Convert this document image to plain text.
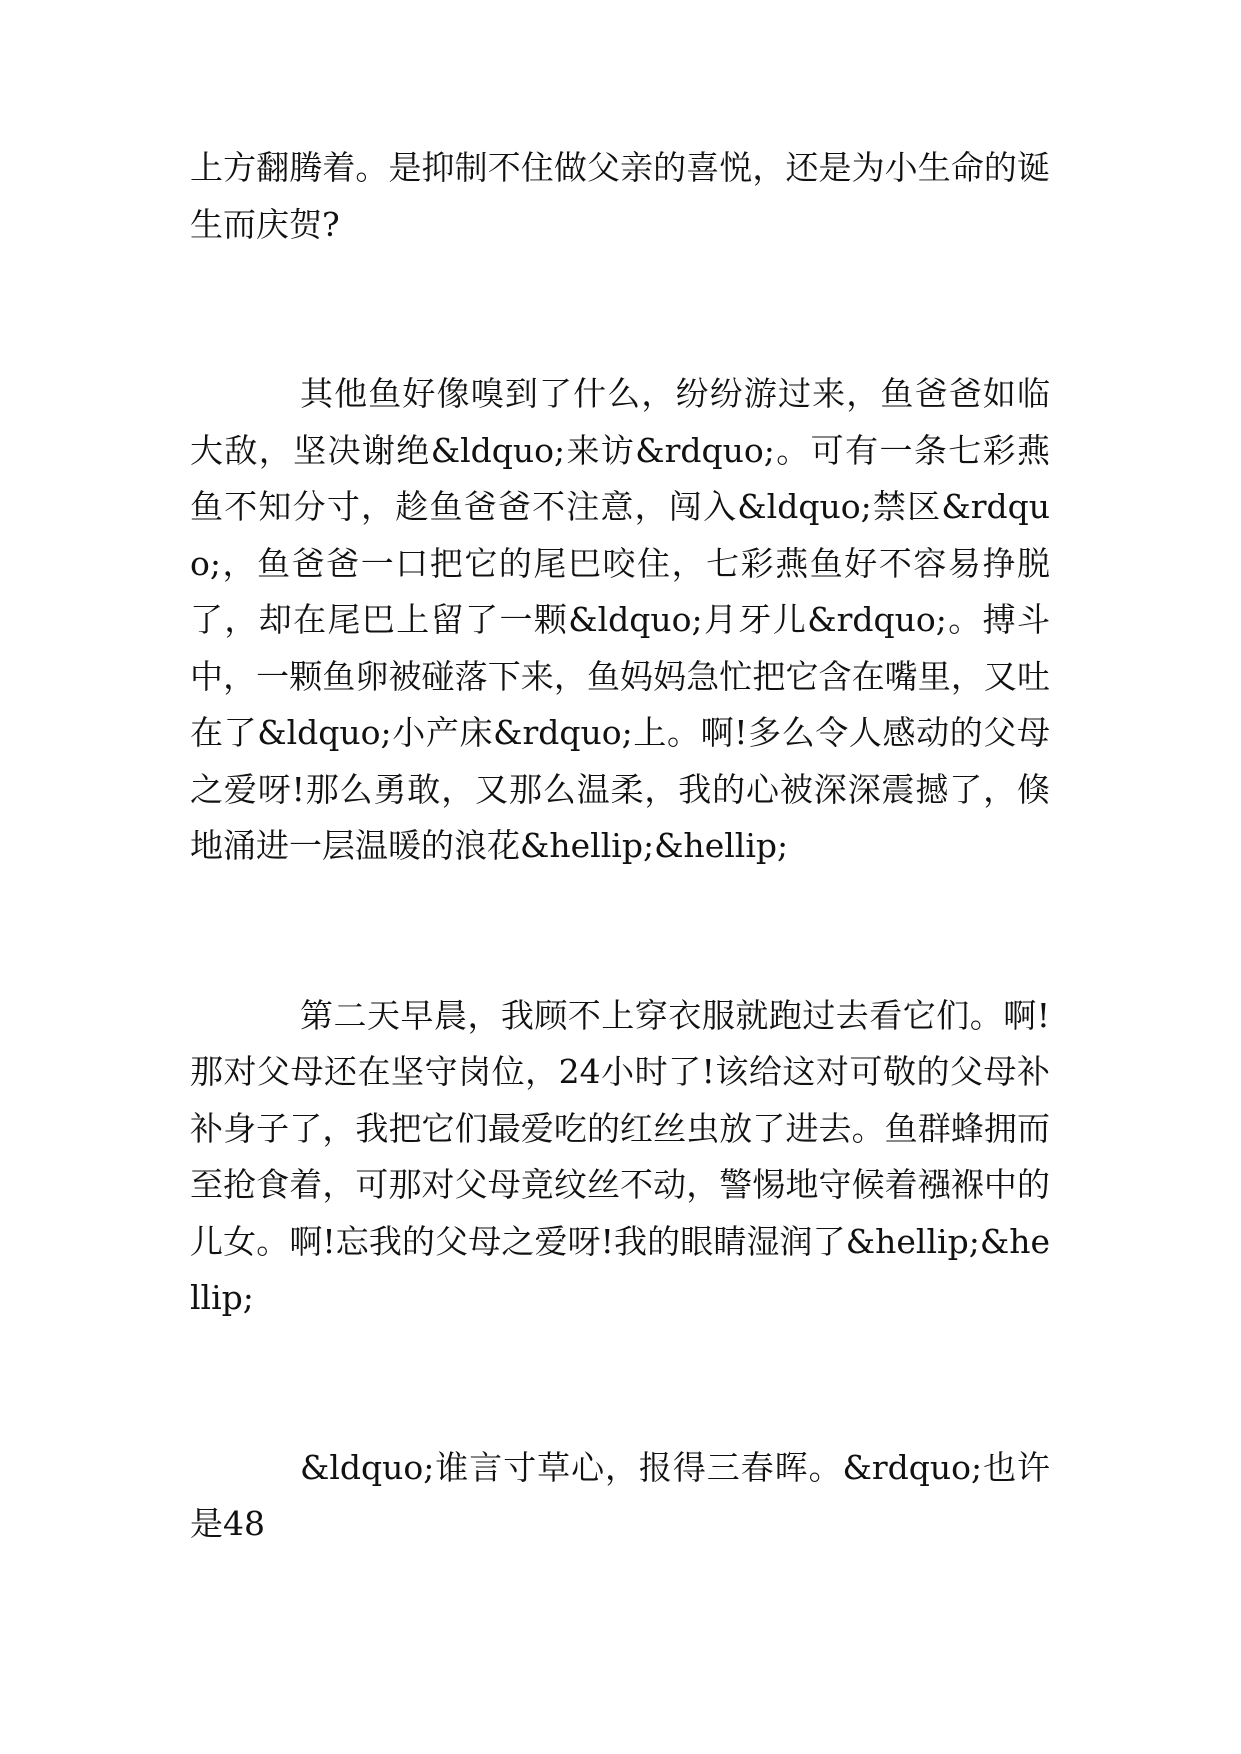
上方翻腾着。是抑制不住做父亲的喜悦，还是为小生命的诞生而庆贺?

其他鱼好像嗅到了什么，纷纷游过来，鱼爸爸如临大敌，坚决谢绝&ldquo;来访&rdquo;。可有一条七彩燕鱼不知分寸，趁鱼爸爸不注意，闯入&ldquo;禁区&rdquo;，鱼爸爸一口把它的尾巴咬住，七彩燕鱼好不容易挣脱了，却在尾巴上留了一颗&ldquo;月牙儿&rdquo;。搏斗中，一颗鱼卵被碰落下来，鱼妈妈急忙把它含在嘴里，又吐在了&ldquo;小产床&rdquo;上。啊!多么令人感动的父母之爱呀!那么勇敢，又那么温柔，我的心被深深震撼了，倏地涌进一层温暖的浪花&hellip;&hellip;

第二天早晨，我顾不上穿衣服就跑过去看它们。啊!那对父母还在坚守岗位，24小时了!该给这对可敬的父母补补身子了，我把它们最爱吃的红丝虫放了进去。鱼群蜂拥而至抢食着，可那对父母竟纹丝不动，警惕地守候着襁褓中的儿女。啊!忘我的父母之爱呀!我的眼睛湿润了&hellip;&hellip;

&ldquo;谁言寸草心，报得三春晖。&rdquo;也许是48
